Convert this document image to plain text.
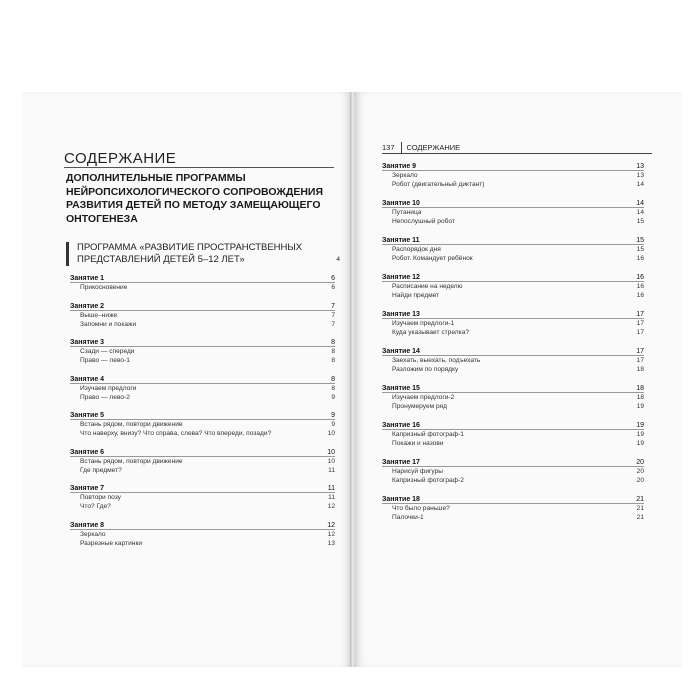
СОДЕРЖАНИЕ
ДОПОЛНИТЕЛЬНЫЕ ПРОГРАММЫ НЕЙРОПСИХОЛОГИЧЕСКОГО СОПРОВОЖДЕНИЯ РАЗВИТИЯ ДЕТЕЙ ПО МЕТОДУ ЗАМЕЩАЮЩЕГО ОНТОГЕНЕЗА
ПРОГРАММА «РАЗВИТИЕ ПРОСТРАНСТВЕННЫХ ПРЕДСТАВЛЕНИЙ ДЕТЕЙ 5–12 ЛЕТ»	4
Занятие 1	6
Прикосновение	6
Занятие 2	7
Выше–ниже	7
Запомни и покажи	7
Занятие 3	8
Сзади — спереди	8
Право — лево-1	8
Занятие 4	8
Изучаем предлоги	8
Право — лево-2	9
Занятие 5	9
Встань рядом, повтори движение	9
Что наверху, внизу? Что справа, слева? Что впереди, позади?	10
Занятие 6	10
Встань рядом, повтори движение	10
Где предмет?	11
Занятие 7	11
Повтори позу	11
Что? Где?	12
Занятие 8	12
Зеркало	12
Разрезные картинки	13
137 СОДЕРЖАНИЕ
Занятие 9	13
Зеркало	13
Робот (двигательный диктант)	14
Занятие 10	14
Путаница	14
Непослушный робот	15
Занятие 11	15
Распорядок дня	15
Робот. Командует ребёнок	16
Занятие 12	16
Расписание на неделю	16
Найди предмет	16
Занятие 13	17
Изучаем предлоги-1	17
Куда указывает стрелка?	17
Занятие 14	17
Заехать, выехать, подъехать	17
Разложим по порядку	18
Занятие 15	18
Изучаем предлоги-2	18
Пронумеруем ряд	19
Занятие 16	19
Капризный фотограф-1	19
Покажи и назови	19
Занятие 17	20
Нарисуй фигуры	20
Капризный фотограф-2	20
Занятие 18	21
Что было раньше?	21
Палочки-1	21
